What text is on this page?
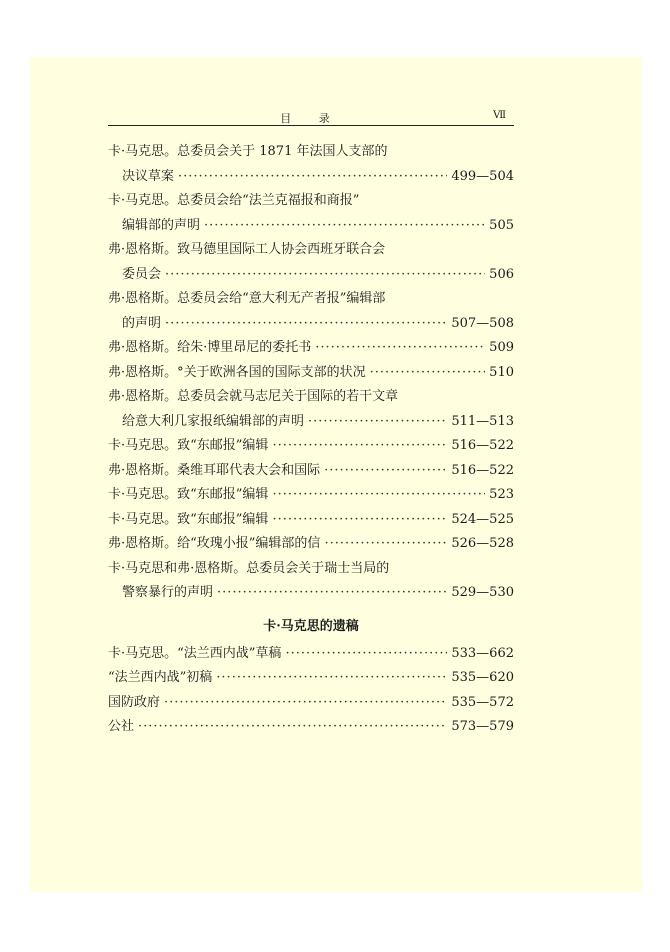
目 录	Ⅶ
卡·马克思。总委员会关于 1871 年法国人支部的
决议草案 ·····	499—504
卡·马克思。总委员会给“法兰克福报和商报”
编辑部的声明 ·····	505
弗·恩格斯。致马德里国际工人协会西班牙联合会
委员会 ·····	506
弗·恩格斯。总委员会给“意大利无产者报”编辑部
的声明 ·····	507—508
弗·恩格斯。给朱·博里昂尼的委托书 ·····	509
弗·恩格斯。°关于欧洲各国的国际支部的状况 ·····	510
弗·恩格斯。总委员会就马志尼关于国际的若干文章
给意大利几家报纸编辑部的声明 ·····	511—513
卡·马克思。致“东邮报”编辑 ·····	516—522
弗·恩格斯。桑维耳耶代表大会和国际 ·····	516—522
卡·马克思。致“东邮报”编辑 ·····	523
卡·马克思。致“东邮报”编辑 ·····	524—525
弗·恩格斯。给“玫瑰小报”编辑部的信 ·····	526—528
卡·马克思和弗·恩格斯。总委员会关于瑞士当局的
警察暴行的声明 ·····	529—530
卡·马克思的遗稿
卡·马克思。“法兰西内战”草稿 ·····	533—662
“法兰西内战”初稿 ·····	535—620
国防政府 ·····	535—572
公社 ·····	573—579
